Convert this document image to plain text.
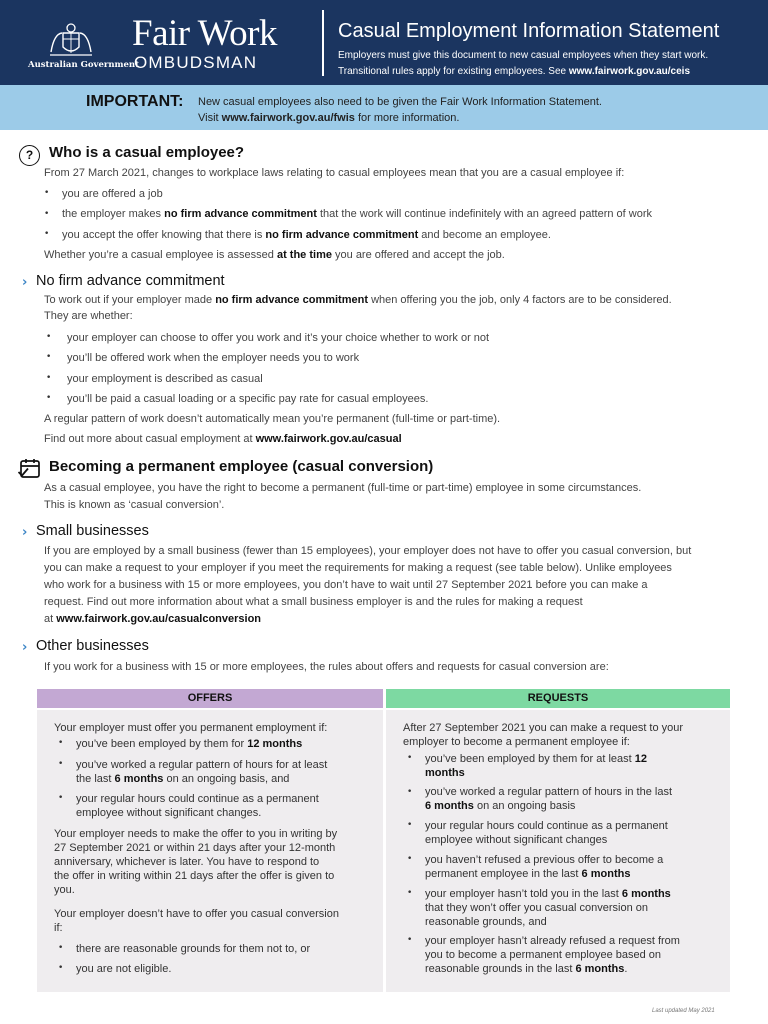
Australian Government
Fair Work
OMBUDSMAN
Casual Employment Information Statement
Employers must give this document to new casual employees when they start work.
Transitional rules apply for existing employees. See www.fairwork.gov.au/ceis
IMPORTANT: New casual employees also need to be given the Fair Work Information Statement.
Visit www.fairwork.gov.au/fwis for more information.
?	Who is a casual employee?
From 27 March 2021, changes to workplace laws relating to casual employees mean that you are a casual employee if:
• you are offered a job
• the employer makes no firm advance commitment that the work will continue indefinitely with an agreed pattern of work
• you accept the offer knowing that there is no firm advance commitment and become an employee.
Whether you’re a casual employee is assessed at the time you are offered and accept the job.
› No firm advance commitment
To work out if your employer made no firm advance commitment when offering you the job, only 4 factors are to be considered.
They are whether:
• your employer can choose to offer you work and it’s your choice whether to work or not
• you’ll be offered work when the employer needs you to work
• your employment is described as casual
• you’ll be paid a casual loading or a specific pay rate for casual employees.
A regular pattern of work doesn’t automatically mean you’re permanent (full-time or part-time).
Find out more about casual employment at www.fairwork.gov.au/casual
Becoming a permanent employee (casual conversion)
As a casual employee, you have the right to become a permanent (full-time or part-time) employee in some circumstances.
This is known as ‘casual conversion’.
› Small businesses
If you are employed by a small business (fewer than 15 employees), your employer does not have to offer you casual conversion, but
you can make a request to your employer if you meet the requirements for making a request (see table below). Unlike employees
who work for a business with 15 or more employees, you don’t have to wait until 27 September 2021 before you can make a
request. Find out more information about what a small business employer is and the rules for making a request
at www.fairwork.gov.au/casualconversion
› Other businesses
If you work for a business with 15 or more employees, the rules about offers and requests for casual conversion are:
OFFERS	REQUESTS
Your employer must offer you permanent employment if:
• you’ve been employed by them for 12 months
• you’ve worked a regular pattern of hours for at least
the last 6 months on an ongoing basis, and
• your regular hours could continue as a permanent
employee without significant changes.
Your employer needs to make the offer to you in writing by
27 September 2021 or within 21 days after your 12-month
anniversary, whichever is later. You have to respond to
the offer in writing within 21 days after the offer is given to
you.
Your employer doesn’t have to offer you casual conversion
if:
• there are reasonable grounds for them not to, or
• you are not eligible.
After 27 September 2021 you can make a request to your
employer to become a permanent employee if:
• you’ve been employed by them for at least 12
months
• you’ve worked a regular pattern of hours in the last
6 months on an ongoing basis
• your regular hours could continue as a permanent
employee without significant changes
• you haven’t refused a previous offer to become a
permanent employee in the last 6 months
• your employer hasn’t told you in the last 6 months
that they won’t offer you casual conversion on
reasonable grounds, and
• your employer hasn’t already refused a request from
you to become a permanent employee based on
reasonable grounds in the last 6 months.
Last updated May 2021
